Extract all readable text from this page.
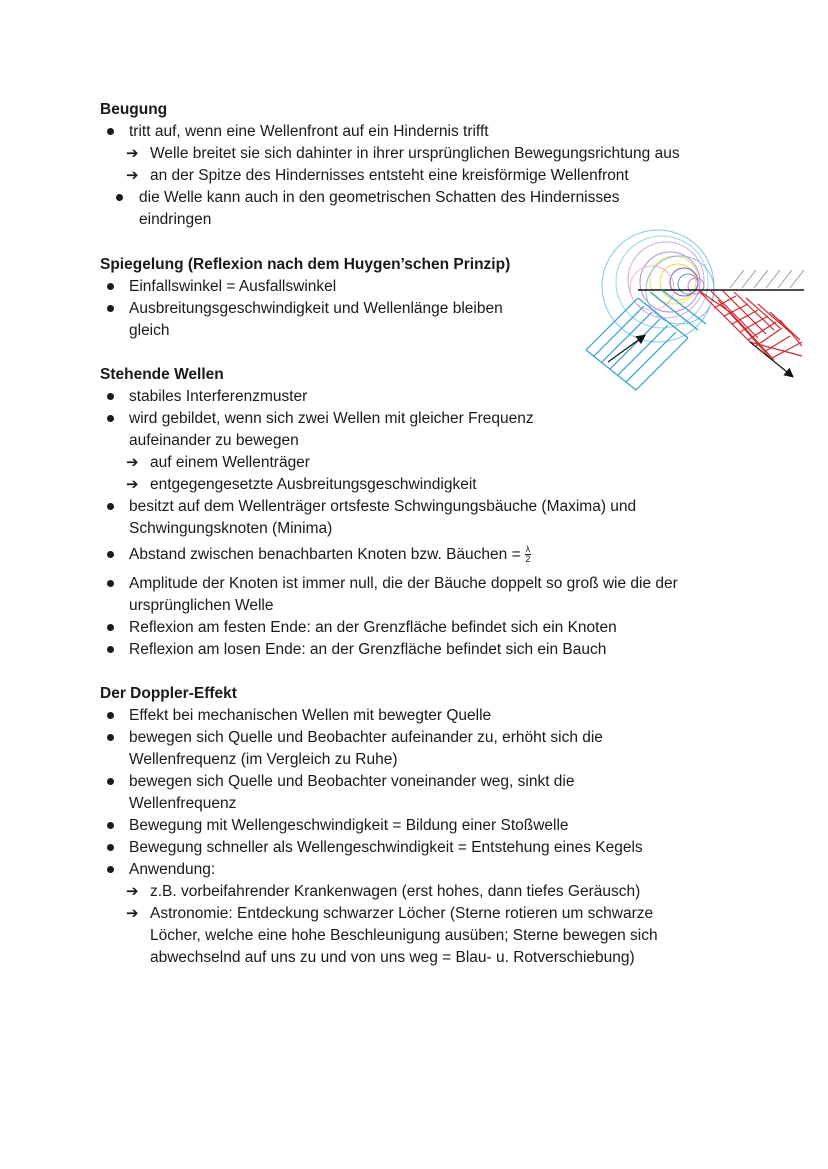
Beugung
tritt auf, wenn eine Wellenfront auf ein Hindernis trifft
➔ Welle breitet sie sich dahinter in ihrer ursprünglichen Bewegungsrichtung aus
➔ an der Spitze des Hindernisses entsteht eine kreisförmige Wellenfront
die Welle kann auch in den geometrischen Schatten des Hindernisses
eindringen
Spiegelung (Reflexion nach dem Huygen’schen Prinzip)
Einfallswinkel = Ausfallswinkel
Ausbreitungsgeschwindigkeit und Wellenlänge bleiben
gleich
Stehende Wellen
stabiles Interferenzmuster
wird gebildet, wenn sich zwei Wellen mit gleicher Frequenz
aufeinander zu bewegen
➔ auf einem Wellenträger
➔ entgegengesetzte Ausbreitungsgeschwindigkeit
besitzt auf dem Wellenträger ortsfeste Schwingungsbäuche (Maxima) und
Schwingungsknoten (Minima)
Abstand zwischen benachbarten Knoten bzw. Bäuchen = $\frac{\lambda}{2}$
Amplitude der Knoten ist immer null, die der Bäuche doppelt so groß wie die der
ursprünglichen Welle
Reflexion am festen Ende: an der Grenzfläche befindet sich ein Knoten
Reflexion am losen Ende: an der Grenzfläche befindet sich ein Bauch
Der Doppler-Effekt
Effekt bei mechanischen Wellen mit bewegter Quelle
bewegen sich Quelle und Beobachter aufeinander zu, erhöht sich die
Wellenfrequenz (im Vergleich zu Ruhe)
bewegen sich Quelle und Beobachter voneinander weg, sinkt die
Wellenfrequenz
Bewegung mit Wellengeschwindigkeit = Bildung einer Stoßwelle
Bewegung schneller als Wellengeschwindigkeit = Entstehung eines Kegels
Anwendung:
➔ z.B. vorbeifahrender Krankenwagen (erst hohes, dann tiefes Geräusch)
➔ Astronomie: Entdeckung schwarzer Löcher (Sterne rotieren um schwarze
Löcher, welche eine hohe Beschleunigung ausüben; Sterne bewegen sich
abwechselnd auf uns zu und von uns weg = Blau- u. Rotverschiebung)
